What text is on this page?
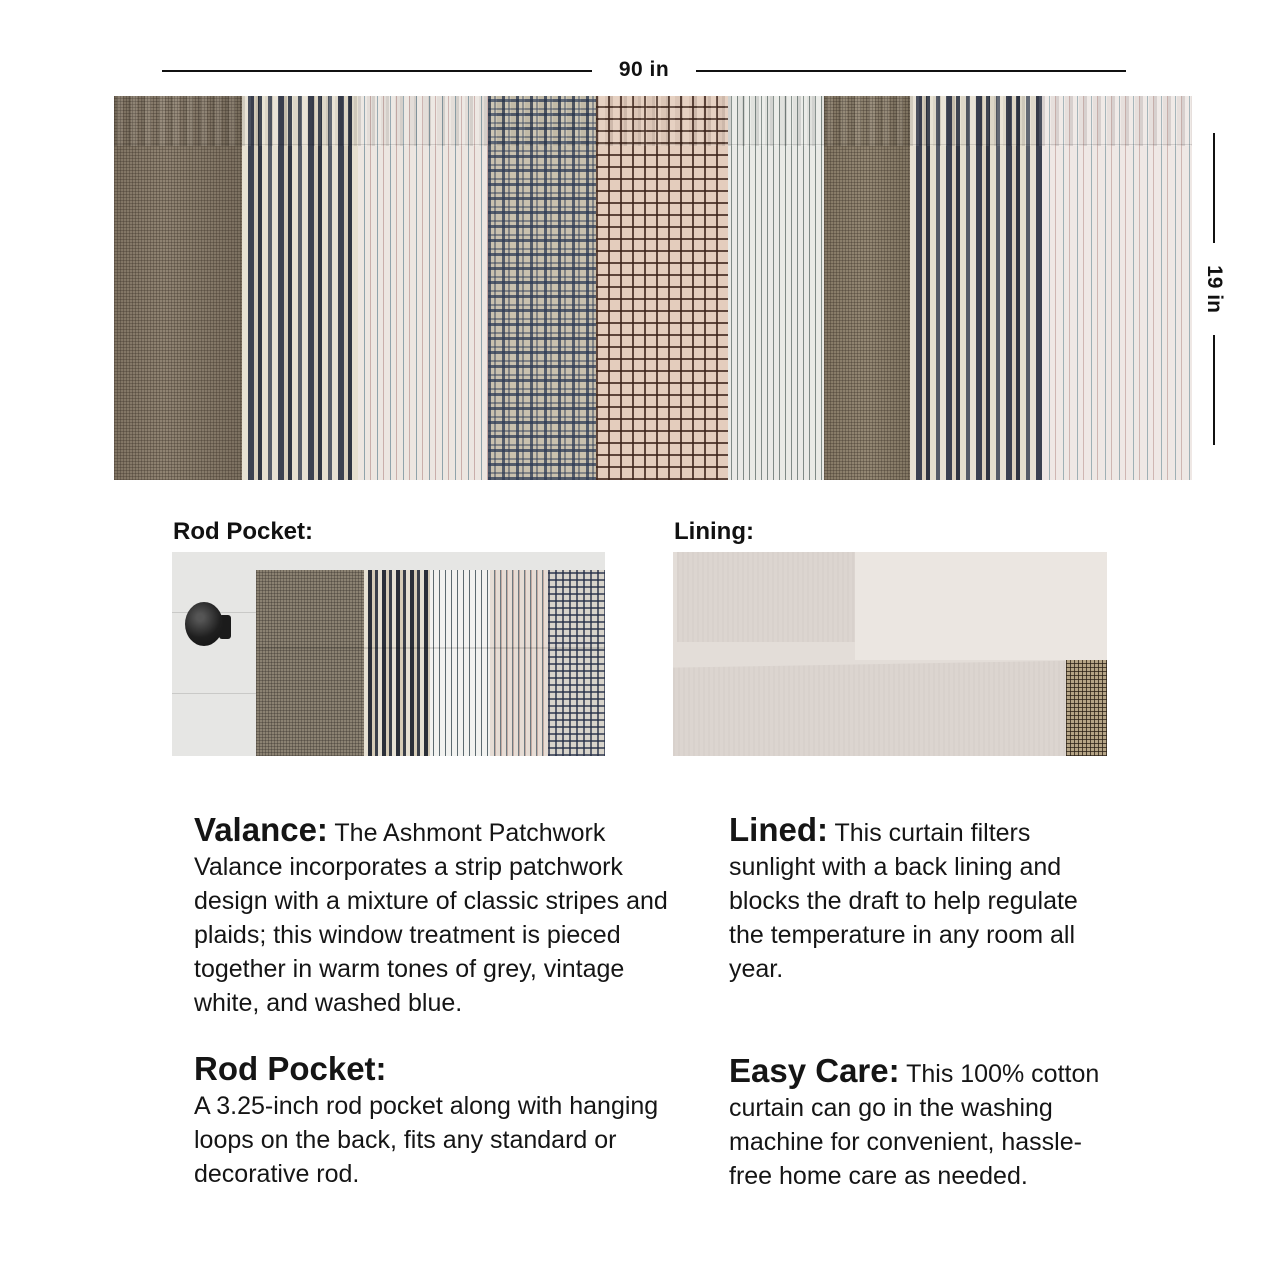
90 in
19 in
Rod Pocket:	Lining:
Valance: The Ashmont Patchwork Valance incorporates a strip patchwork design with a mixture of classic stripes and plaids; this window treatment is pieced together in warm tones of grey, vintage white, and washed blue.
Lined: This curtain filters sunlight with a back lining and blocks the draft to help regulate the temperature in any room all year.
Rod Pocket:
A 3.25-inch rod pocket along with hanging loops on the back, fits any standard or decorative rod.
Easy Care: This 100% cotton curtain can go in the washing machine for convenient, hassle-free home care as needed.
